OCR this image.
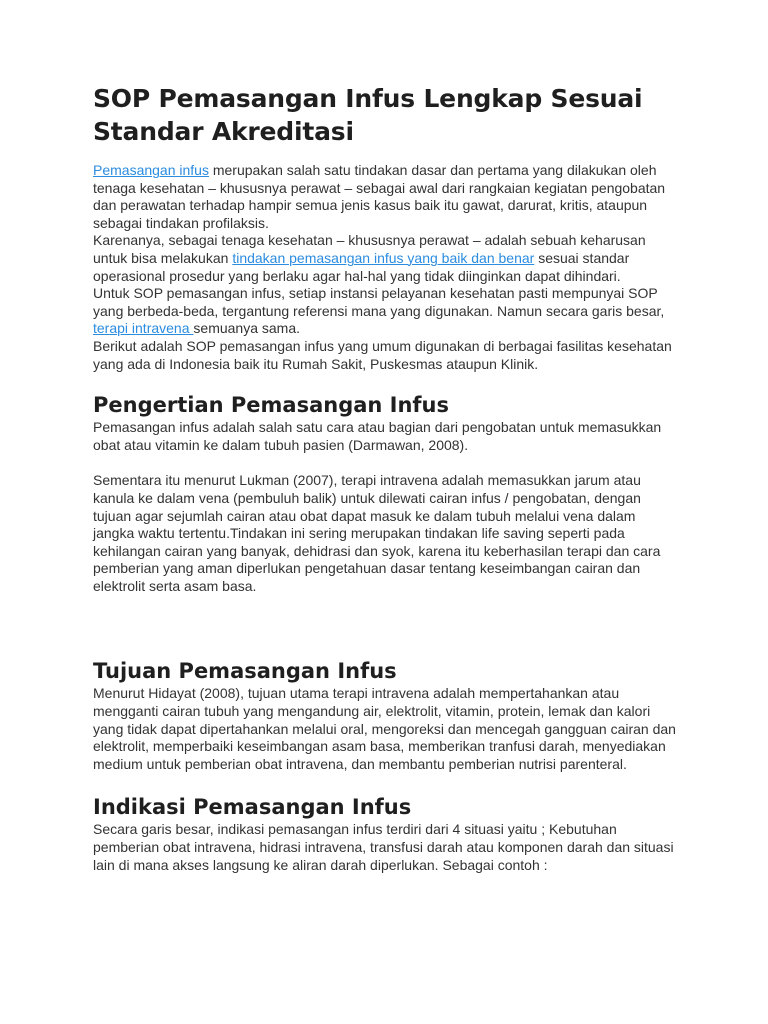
SOP Pemasangan Infus Lengkap Sesuai Standar Akreditasi

Pemasangan infus merupakan salah satu tindakan dasar dan pertama yang dilakukan oleh tenaga kesehatan – khususnya perawat – sebagai awal dari rangkaian kegiatan pengobatan dan perawatan terhadap hampir semua jenis kasus baik itu gawat, darurat, kritis, ataupun sebagai tindakan profilaksis.

Karenanya, sebagai tenaga kesehatan – khususnya perawat – adalah sebuah keharusan untuk bisa melakukan tindakan pemasangan infus yang baik dan benar sesuai standar operasional prosedur yang berlaku agar hal-hal yang tidak diinginkan dapat dihindari.

Untuk SOP pemasangan infus, setiap instansi pelayanan kesehatan pasti mempunyai SOP yang berbeda-beda, tergantung referensi mana yang digunakan. Namun secara garis besar, terapi intravena semuanya sama.

Berikut adalah SOP pemasangan infus yang umum digunakan di berbagai fasilitas kesehatan yang ada di Indonesia baik itu Rumah Sakit, Puskesmas ataupun Klinik.

Pengertian Pemasangan Infus

Pemasangan infus adalah salah satu cara atau bagian dari pengobatan untuk memasukkan obat atau vitamin ke dalam tubuh pasien (Darmawan, 2008).

Sementara itu menurut Lukman (2007), terapi intravena adalah memasukkan jarum atau kanula ke dalam vena (pembuluh balik) untuk dilewati cairan infus / pengobatan, dengan tujuan agar sejumlah cairan atau obat dapat masuk ke dalam tubuh melalui vena dalam jangka waktu tertentu.Tindakan ini sering merupakan tindakan life saving seperti pada kehilangan cairan yang banyak, dehidrasi dan syok, karena itu keberhasilan terapi dan cara pemberian yang aman diperlukan pengetahuan dasar tentang keseimbangan cairan dan elektrolit serta asam basa.

Tujuan Pemasangan Infus

Menurut Hidayat (2008), tujuan utama terapi intravena adalah mempertahankan atau mengganti cairan tubuh yang mengandung air, elektrolit, vitamin, protein, lemak dan kalori yang tidak dapat dipertahankan melalui oral, mengoreksi dan mencegah gangguan cairan dan elektrolit, memperbaiki keseimbangan asam basa, memberikan tranfusi darah, menyediakan medium untuk pemberian obat intravena, dan membantu pemberian nutrisi parenteral.

Indikasi Pemasangan Infus

Secara garis besar, indikasi pemasangan infus terdiri dari 4 situasi yaitu ; Kebutuhan pemberian obat intravena, hidrasi intravena, transfusi darah atau komponen darah dan situasi lain di mana akses langsung ke aliran darah diperlukan. Sebagai contoh :
